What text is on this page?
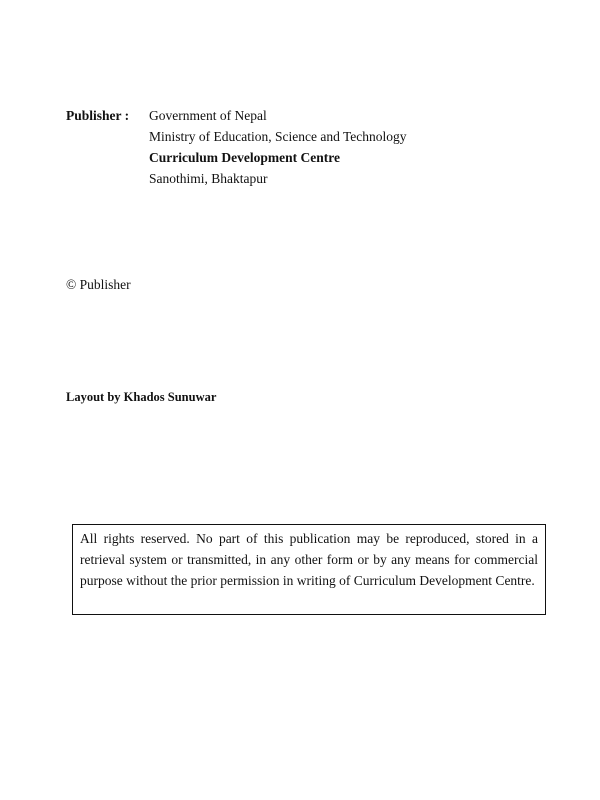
Publisher :	Government of Nepal
Ministry of Education, Science and Technology
Curriculum Development Centre
Sanothimi, Bhaktapur
© Publisher
Layout by Khados Sunuwar
All rights reserved. No part of this publication may be reproduced, stored in a retrieval system or transmitted, in any other form or by any means for commercial purpose without the prior permission in writing of Curriculum Development Centre.
